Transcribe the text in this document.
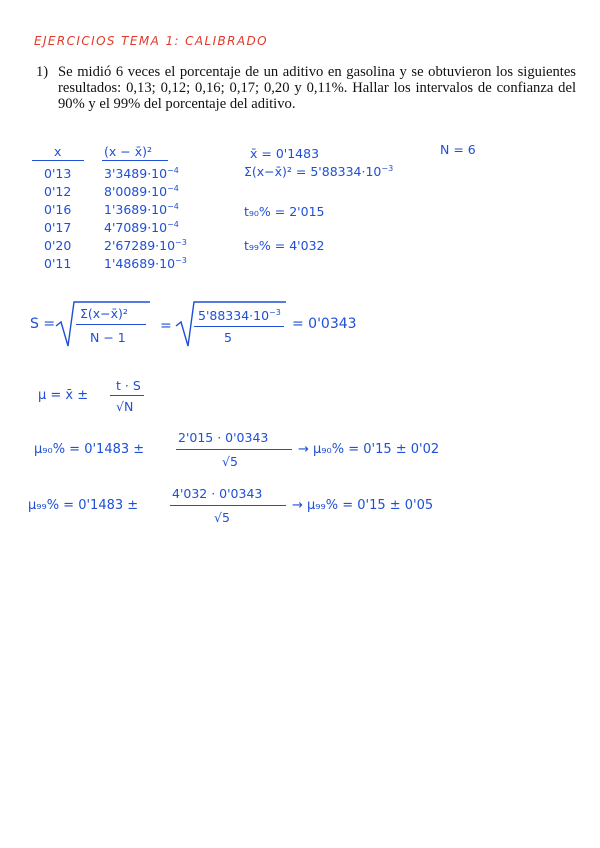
EJERCICIOS TEMA 1: CALIBRADO
1) Se midió 6 veces el porcentaje de un aditivo en gasolina y se obtuvieron los siguientes resultados: 0,13; 0,12; 0,16; 0,17; 0,20 y 0,11%. Hallar los intervalos de confianza del 90% y el 99% del porcentaje del aditivo.
x	(x − x̄)²
0'13	$3'3489\cdot 10^{-4}$
0'12	$8'0089\cdot 10^{-4}$
0'16	$1'3689\cdot 10^{-4}$
0'17	$4'7089\cdot 10^{-4}$
0'20	$2'67289\cdot 10^{-3}$
0'11	$1'48689\cdot 10^{-3}$
x̄ = 0'1483	N = 6
Σ(x−x̄)² = $5'88334\cdot 10^{-3}$
t₉₀% = 2'015
t₉₉% = 4'032
S =
Σ(x−x̄)²
N − 1
=
$5'88334\cdot 10^{-3}$
5
= 0'0343
μ = x̄ ±
t · S
√N
μ₉₀% = 0'1483 ±
2'015 · 0'0343
√5
→ μ₉₀% = 0'15 ± 0'02
μ₉₉% = 0'1483 ±
4'032 · 0'0343
√5
→ μ₉₉% = 0'15 ± 0'05
